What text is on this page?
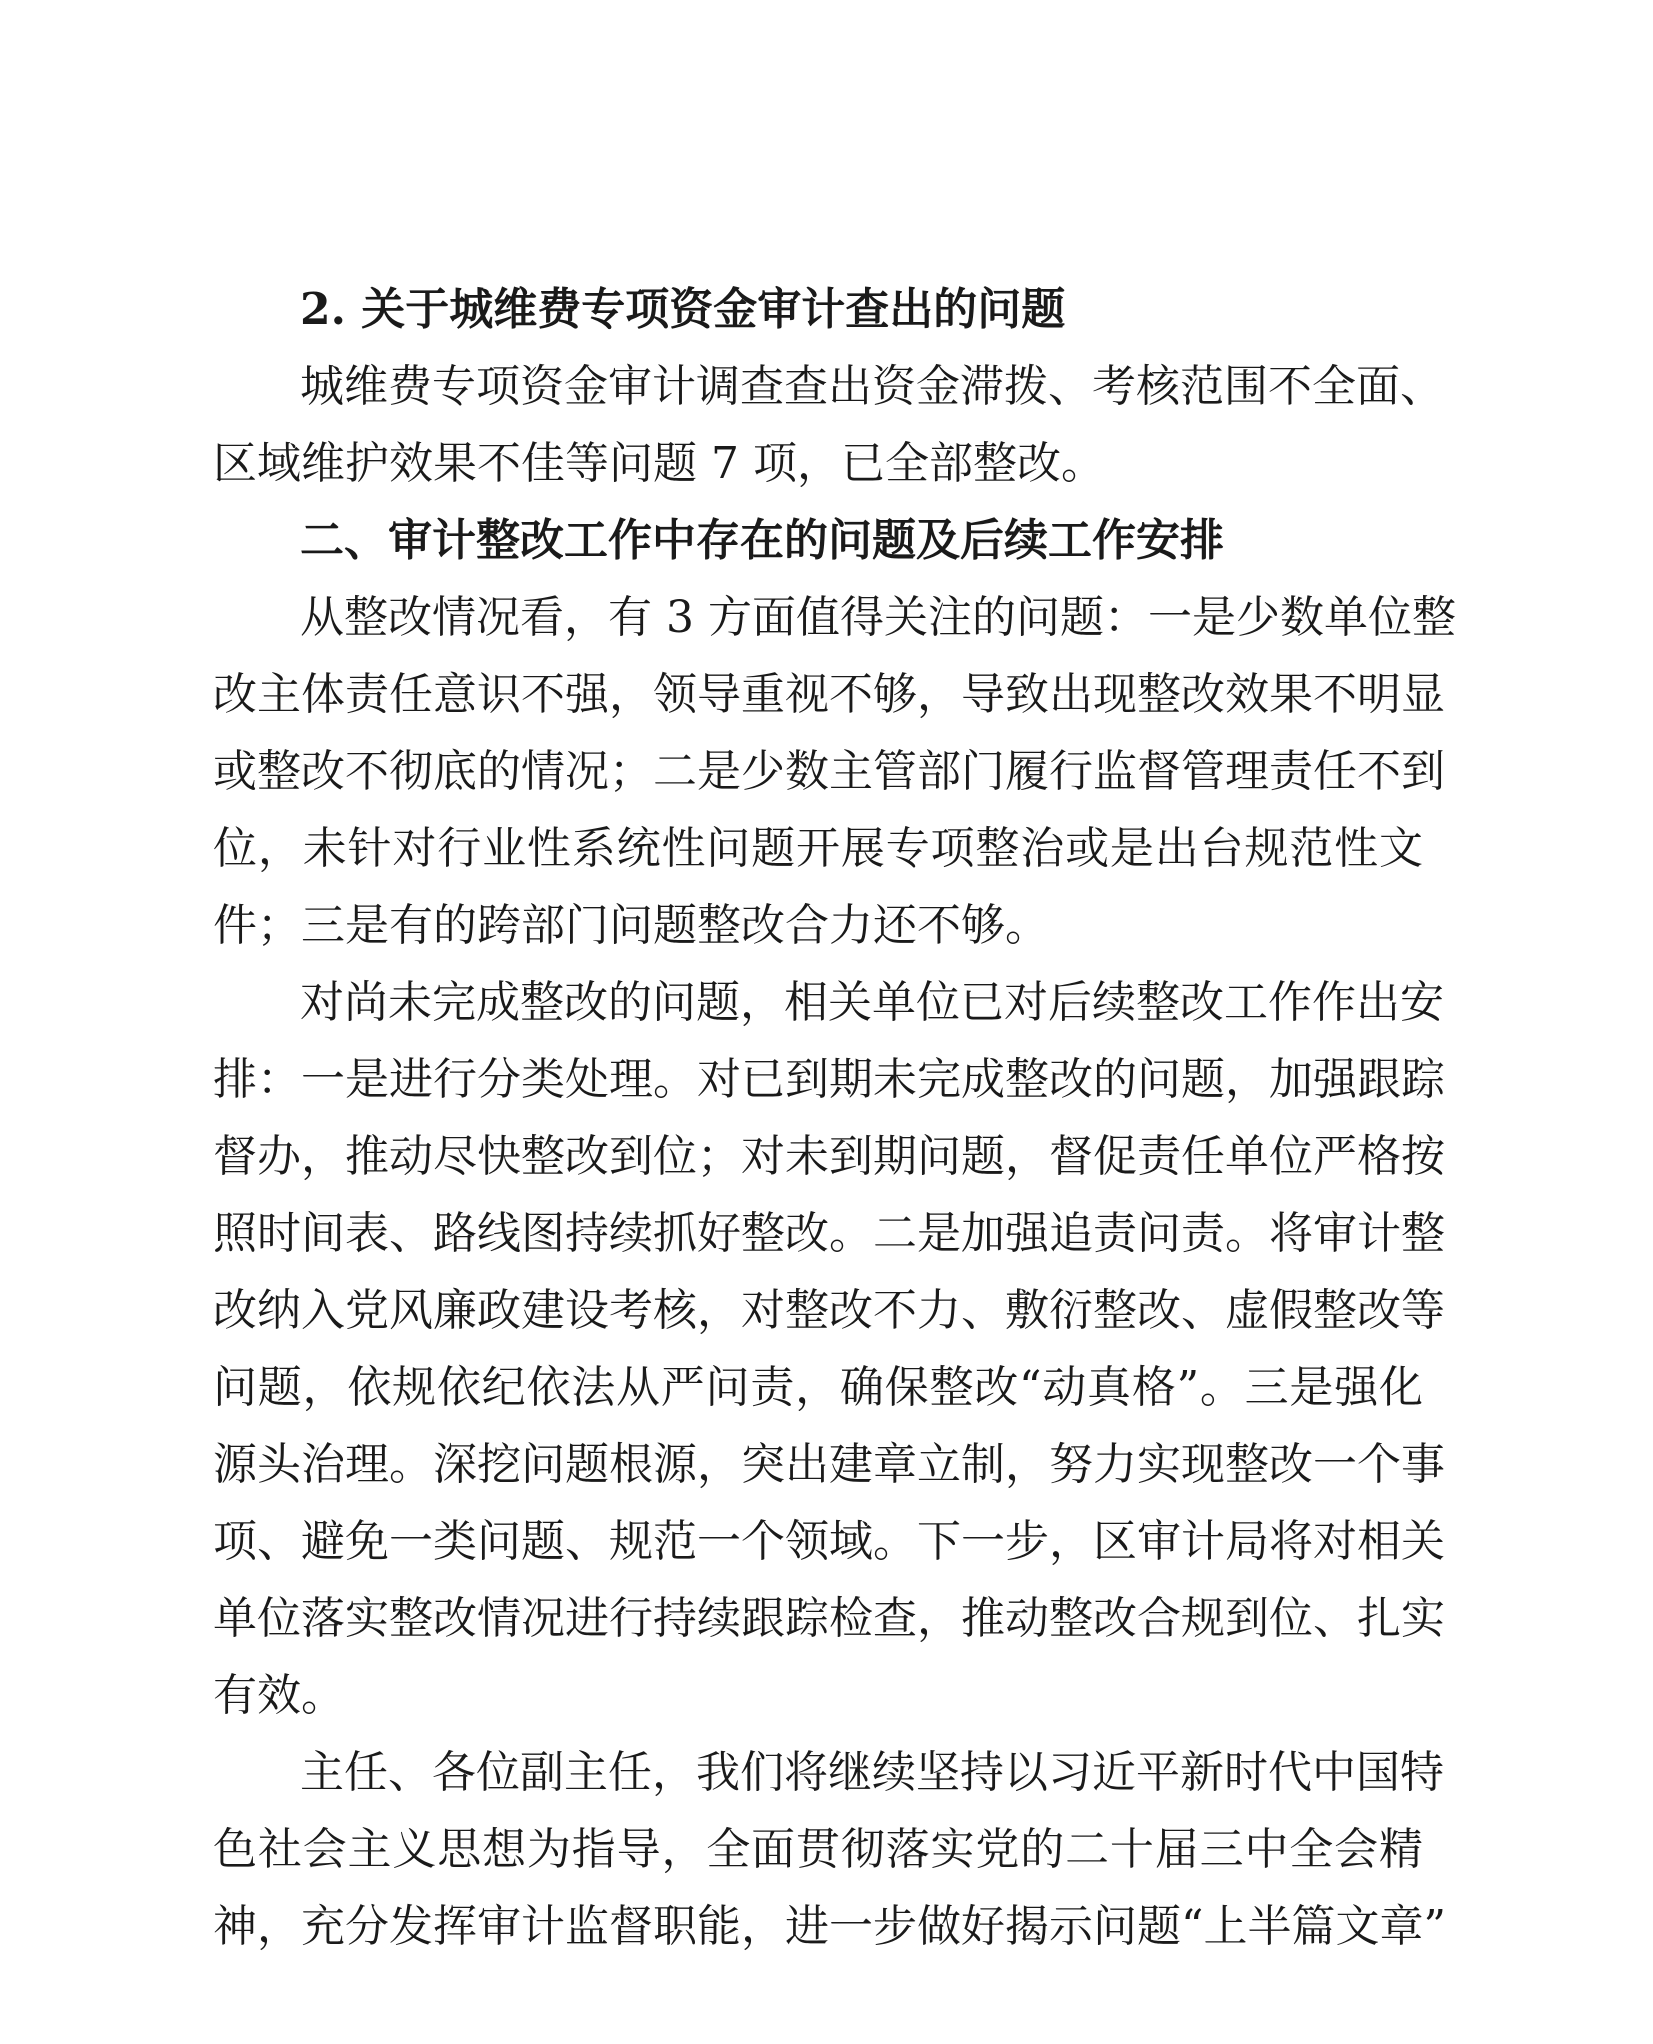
2. 关于城维费专项资金审计查出的问题
城维费专项资金审计调查查出资金滞拨、考核范围不全面、
区域维护效果不佳等问题 7 项，已全部整改。
二、审计整改工作中存在的问题及后续工作安排
从整改情况看，有 3 方面值得关注的问题：一是少数单位整
改主体责任意识不强，领导重视不够，导致出现整改效果不明显
或整改不彻底的情况；二是少数主管部门履行监督管理责任不到
位，未针对行业性系统性问题开展专项整治或是出台规范性文
件；三是有的跨部门问题整改合力还不够。
对尚未完成整改的问题，相关单位已对后续整改工作作出安
排：一是进行分类处理。对已到期未完成整改的问题，加强跟踪
督办，推动尽快整改到位；对未到期问题，督促责任单位严格按
照时间表、路线图持续抓好整改。二是加强追责问责。将审计整
改纳入党风廉政建设考核，对整改不力、敷衍整改、虚假整改等
问题，依规依纪依法从严问责，确保整改“动真格”。三是强化
源头治理。深挖问题根源，突出建章立制，努力实现整改一个事
项、避免一类问题、规范一个领域。下一步，区审计局将对相关
单位落实整改情况进行持续跟踪检查，推动整改合规到位、扎实
有效。
主任、各位副主任，我们将继续坚持以习近平新时代中国特
色社会主义思想为指导，全面贯彻落实党的二十届三中全会精
神，充分发挥审计监督职能，进一步做好揭示问题“上半篇文章”
